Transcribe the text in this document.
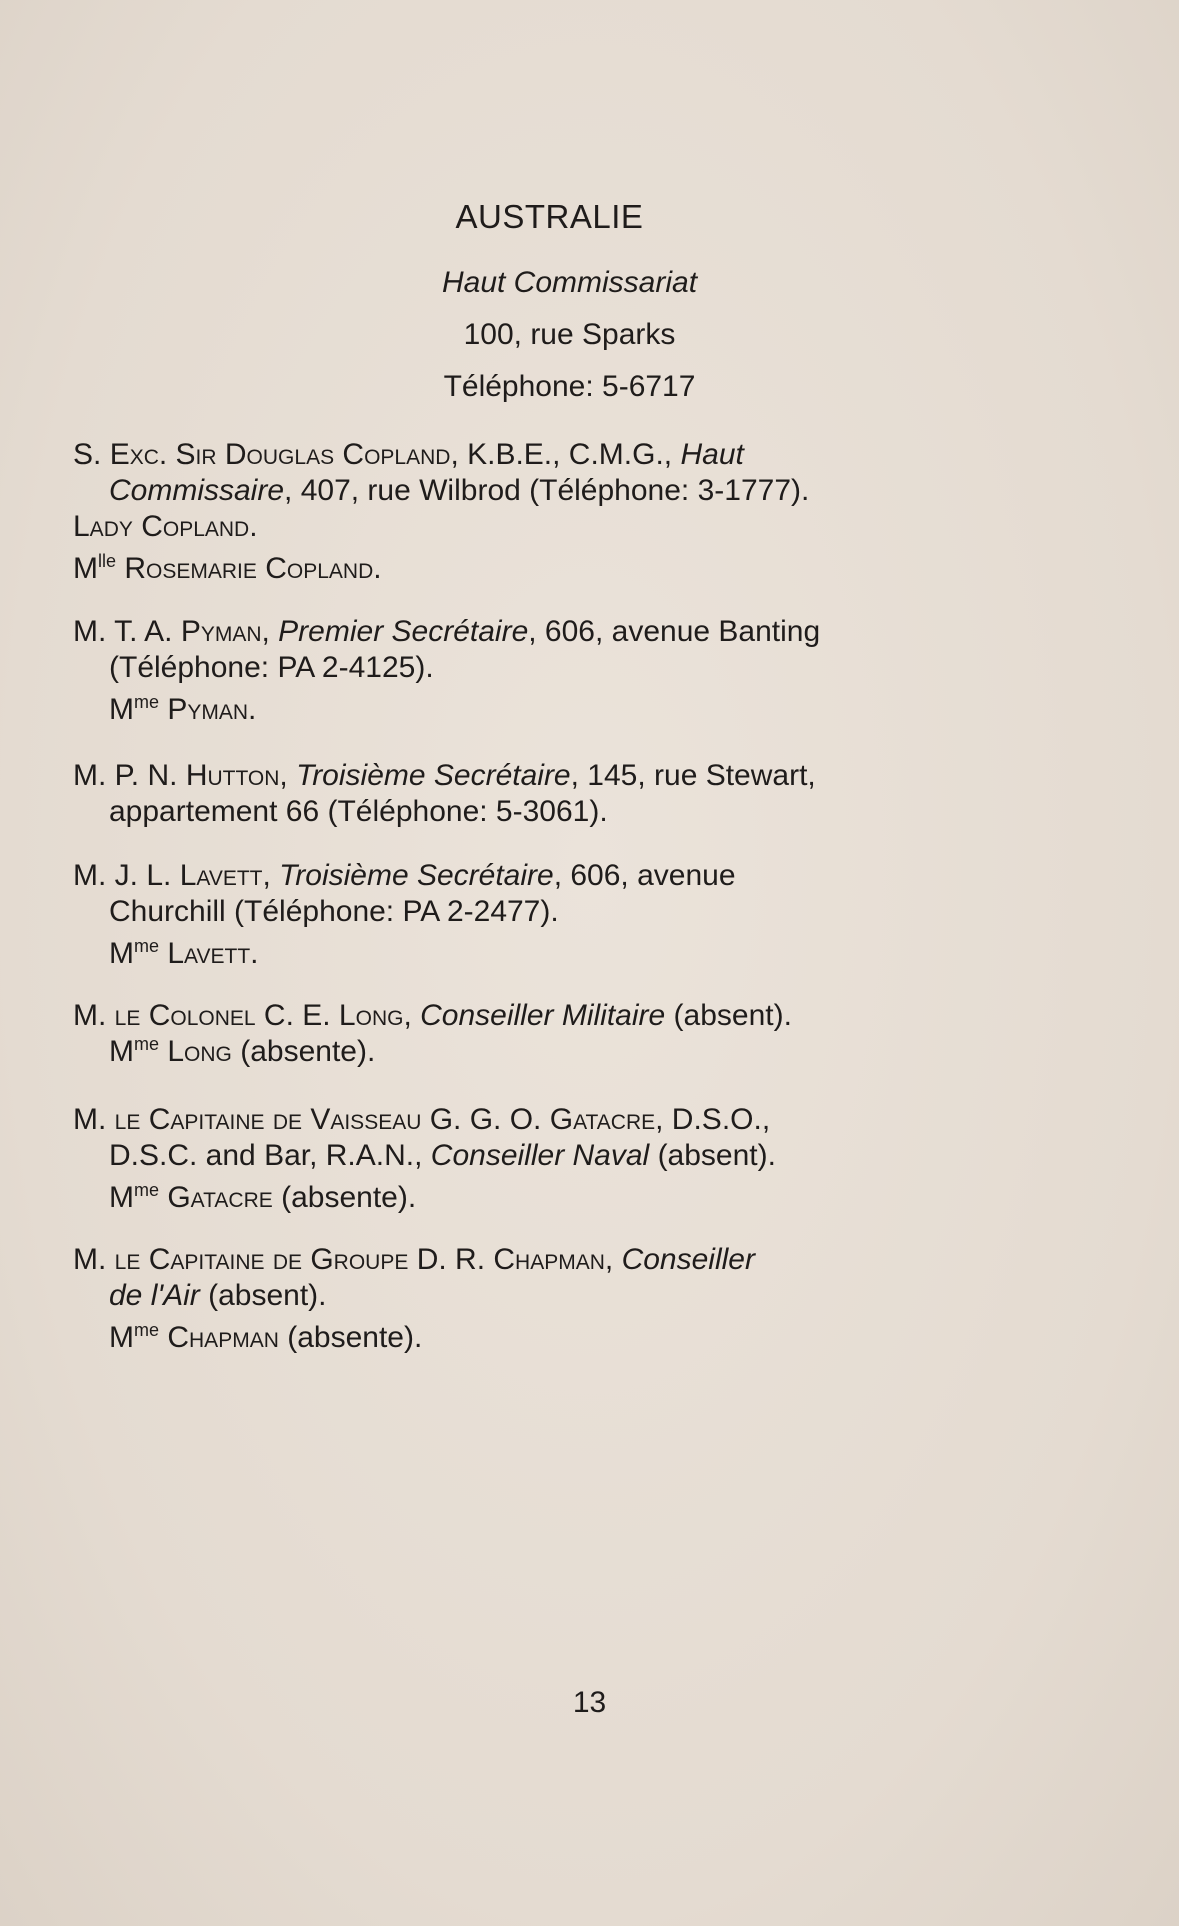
AUSTRALIE
Haut Commissariat
100, rue Sparks
Téléphone: 5-6717
S. Exc. Sir Douglas Copland, K.B.E., C.M.G., Haut
Commissaire, 407, rue Wilbrod (Téléphone: 3-1777).
Lady Copland.
$M^{lle}$ Rosemarie Copland.
M. T. A. Pyman, Premier Secrétaire, 606, avenue Banting
(Téléphone: PA 2-4125).
$M^{me}$ Pyman.
M. P. N. Hutton, Troisième Secrétaire, 145, rue Stewart,
appartement 66 (Téléphone: 5-3061).
M. J. L. Lavett, Troisième Secrétaire, 606, avenue
Churchill (Téléphone: PA 2-2477).
$M^{me}$ Lavett.
M. le Colonel C. E. Long, Conseiller Militaire (absent).
$M^{me}$ Long (absente).
M. le Capitaine de Vaisseau G. G. O. Gatacre, D.S.O.,
D.S.C. and Bar, R.A.N., Conseiller Naval (absent).
$M^{me}$ Gatacre (absente).
M. le Capitaine de Groupe D. R. Chapman, Conseiller
de l'Air (absent).
$M^{me}$ Chapman (absente).
13
